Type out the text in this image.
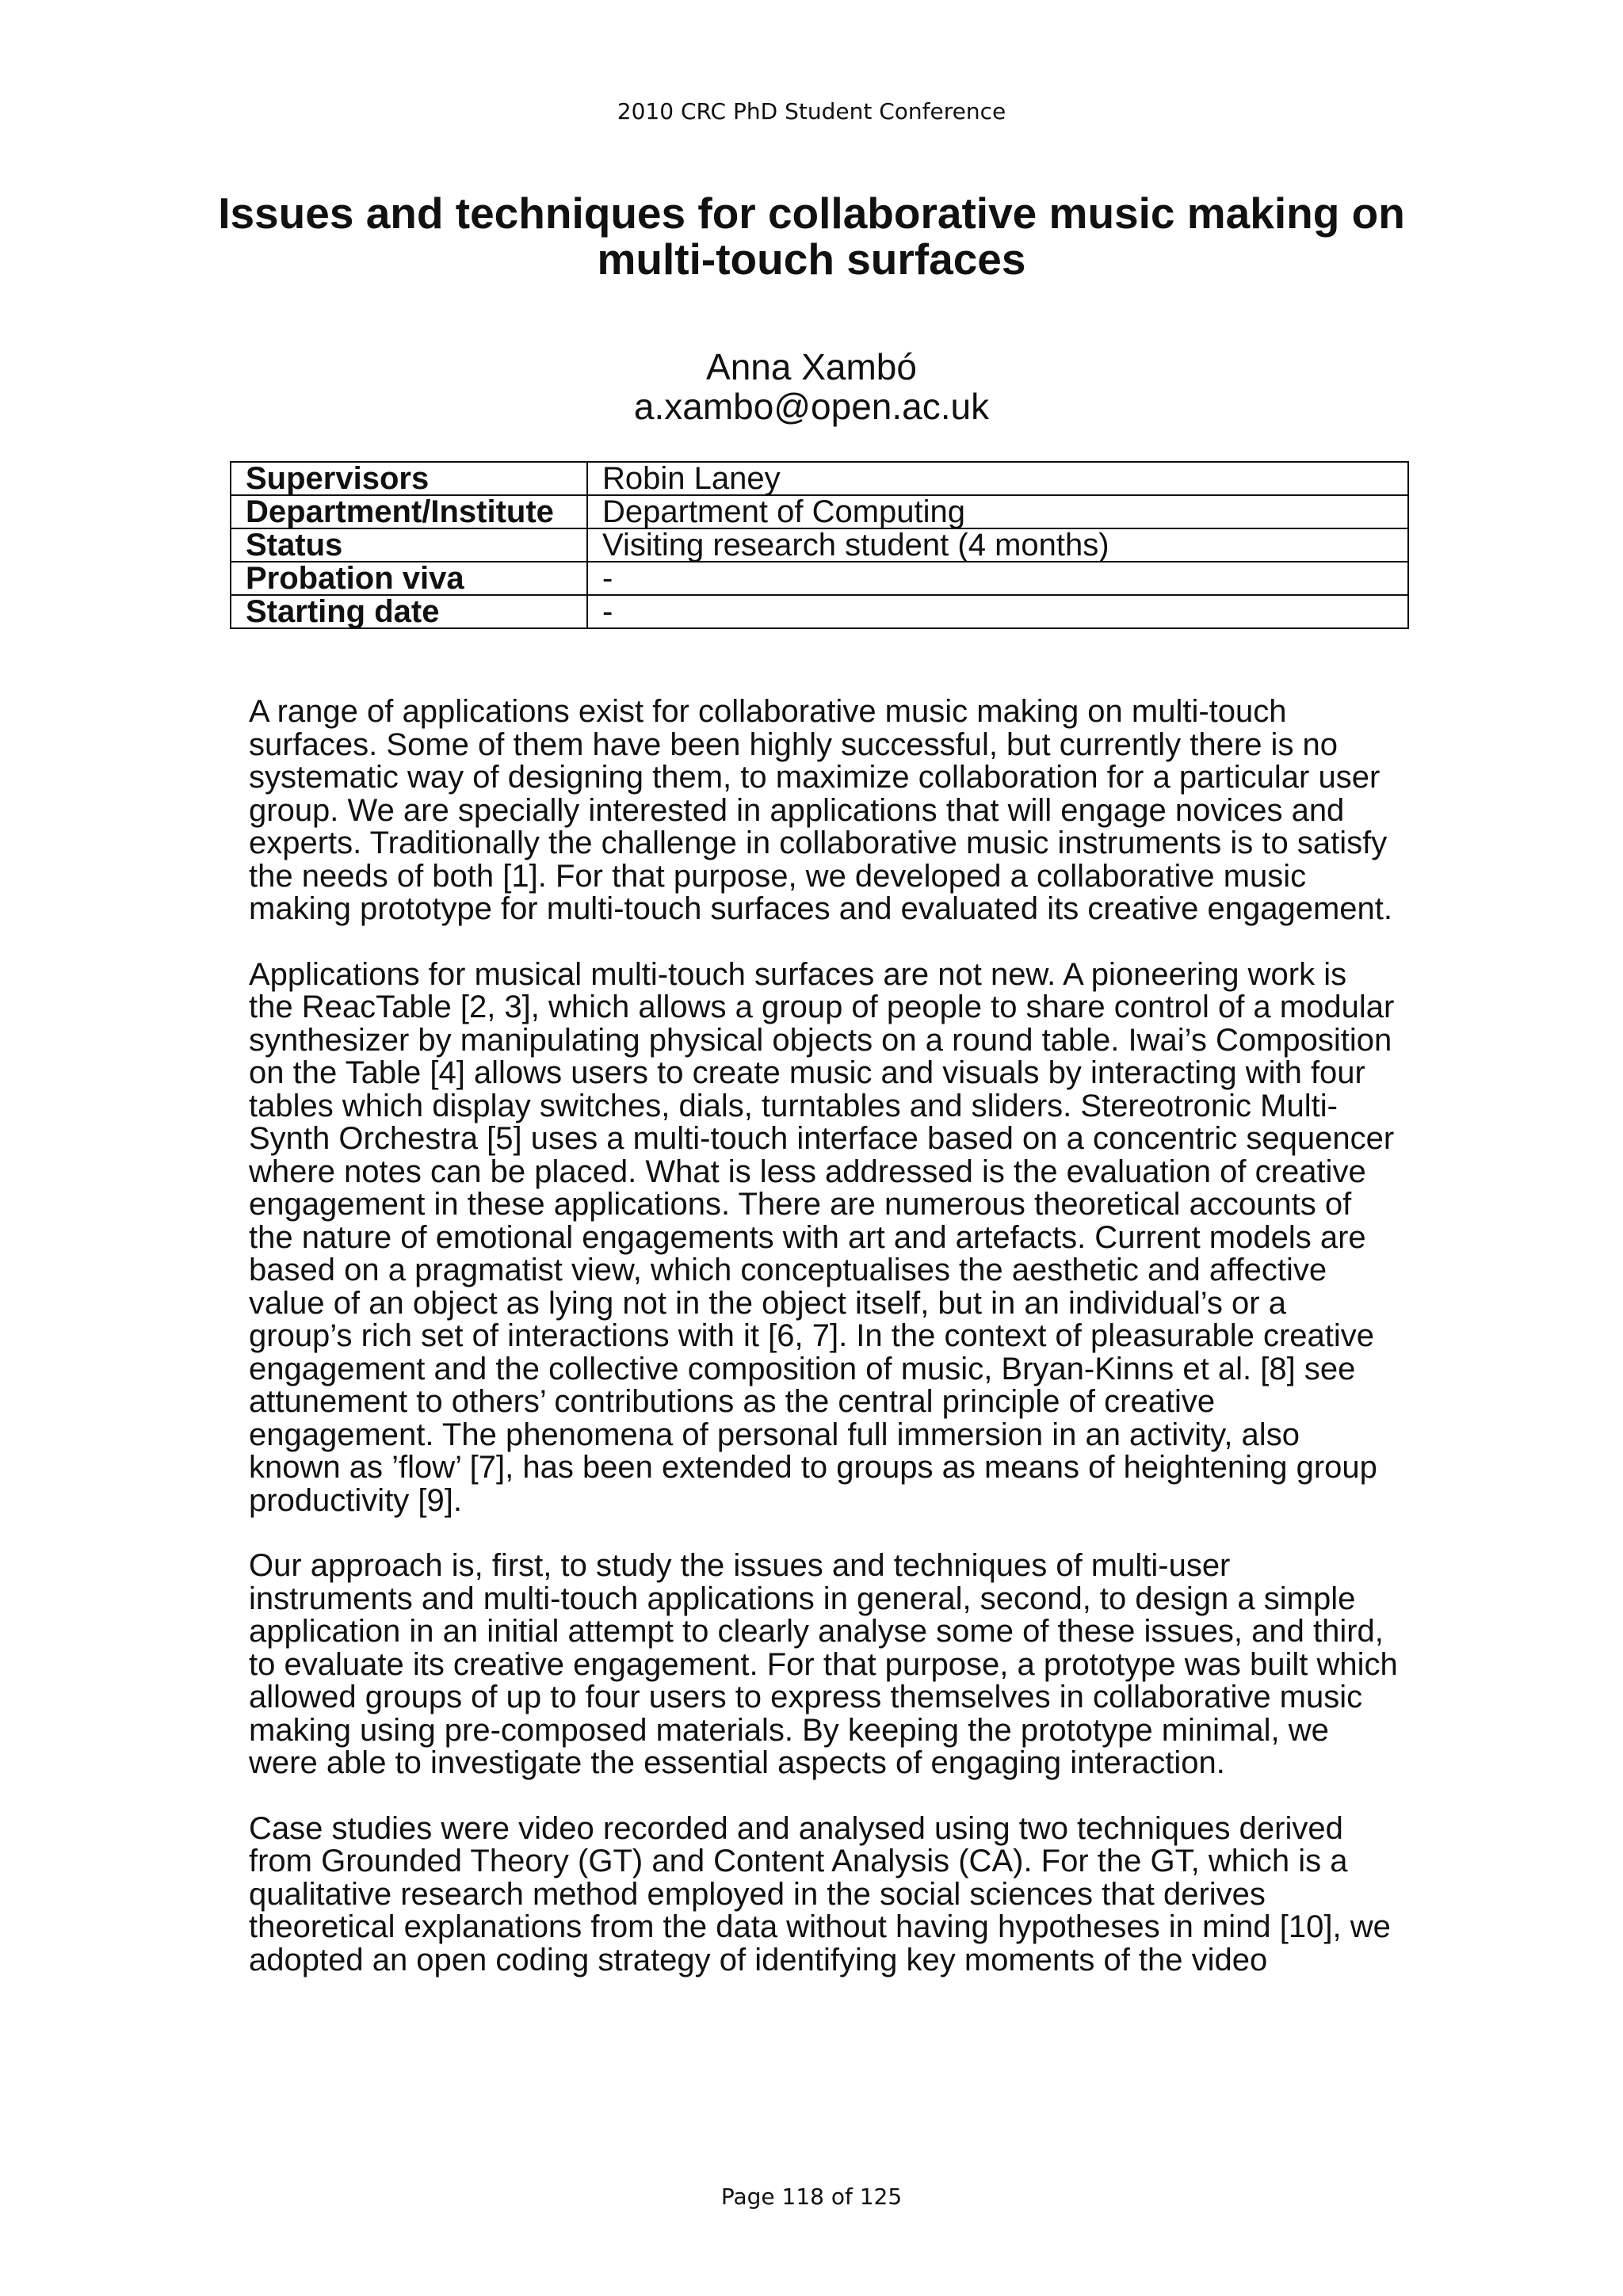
2010 CRC PhD Student Conference
Issues and techniques for collaborative music making on multi-touch surfaces
Anna Xambó
a.xambo@open.ac.uk
Supervisors	Robin Laney
Department/Institute	Department of Computing
Status	Visiting research student (4 months)
Probation viva	-
Starting date	-

A range of applications exist for collaborative music making on multi-touch surfaces. Some of them have been highly successful, but currently there is no systematic way of designing them, to maximize collaboration for a particular user group. We are specially interested in applications that will engage novices and experts. Traditionally the challenge in collaborative music instruments is to satisfy the needs of both [1]. For that purpose, we developed a collaborative music making prototype for multi-touch surfaces and evaluated its creative engagement.

Applications for musical multi-touch surfaces are not new. A pioneering work is the ReacTable [2, 3], which allows a group of people to share control of a modular synthesizer by manipulating physical objects on a round table. Iwai’s Composition on the Table [4] allows users to create music and visuals by interacting with four tables which display switches, dials, turntables and sliders. Stereotronic Multi-Synth Orchestra [5] uses a multi-touch interface based on a concentric sequencer where notes can be placed. What is less addressed is the evaluation of creative engagement in these applications. There are numerous theoretical accounts of the nature of emotional engagements with art and artefacts. Current models are based on a pragmatist view, which conceptualises the aesthetic and affective value of an object as lying not in the object itself, but in an individual’s or a group’s rich set of interactions with it [6, 7]. In the context of pleasurable creative engagement and the collective composition of music, Bryan-Kinns et al. [8] see attunement to others’ contributions as the central principle of creative engagement. The phenomena of personal full immersion in an activity, also known as ’flow’ [7], has been extended to groups as means of heightening group productivity [9].

Our approach is, first, to study the issues and techniques of multi-user instruments and multi-touch applications in general, second, to design a simple application in an initial attempt to clearly analyse some of these issues, and third, to evaluate its creative engagement. For that purpose, a prototype was built which allowed groups of up to four users to express themselves in collaborative music making using pre-composed materials. By keeping the prototype minimal, we were able to investigate the essential aspects of engaging interaction.

Case studies were video recorded and analysed using two techniques derived from Grounded Theory (GT) and Content Analysis (CA). For the GT, which is a qualitative research method employed in the social sciences that derives theoretical explanations from the data without having hypotheses in mind [10], we adopted an open coding strategy of identifying key moments of the video

Page 118 of 125
